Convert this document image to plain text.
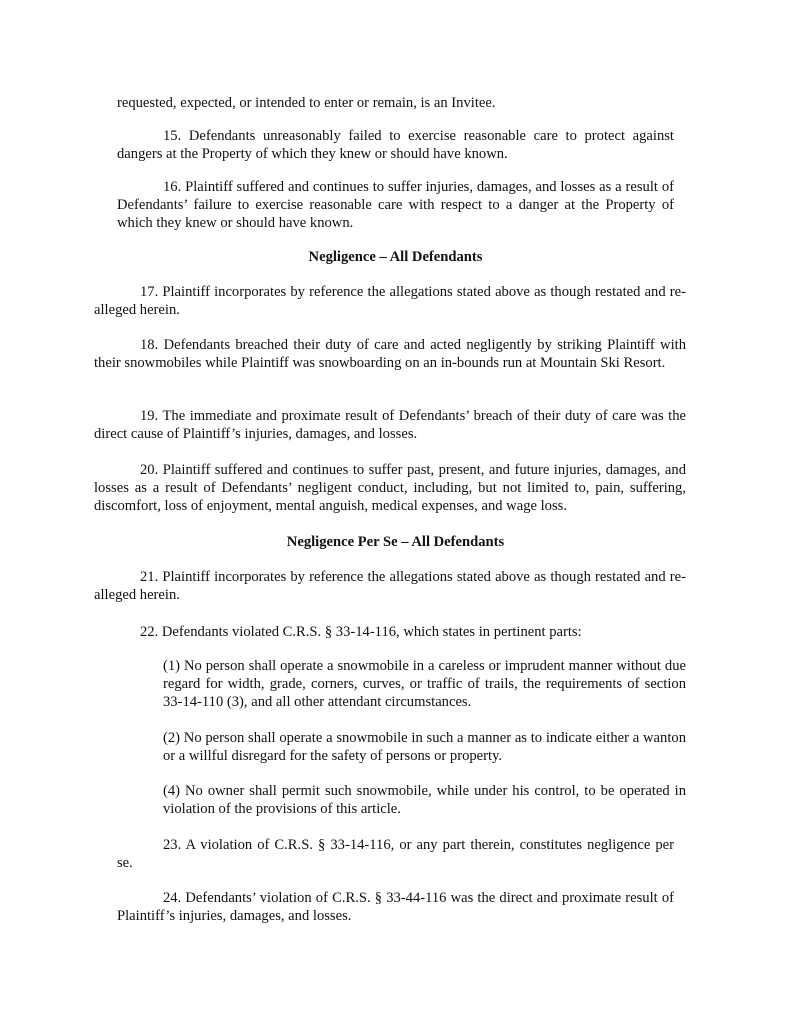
requested, expected, or intended to enter or remain, is an Invitee.

15. Defendants unreasonably failed to exercise reasonable care to protect against dangers at the Property of which they knew or should have known.

16. Plaintiff suffered and continues to suffer injuries, damages, and losses as a result of Defendants’ failure to exercise reasonable care with respect to a danger at the Property of which they knew or should have known.

Negligence – All Defendants

17. Plaintiff incorporates by reference the allegations stated above as though restated and re-alleged herein.

18. Defendants breached their duty of care and acted negligently by striking Plaintiff with their snowmobiles while Plaintiff was snowboarding on an in-bounds run at Mountain Ski Resort.

19. The immediate and proximate result of Defendants’ breach of their duty of care was the direct cause of Plaintiff’s injuries, damages, and losses.

20. Plaintiff suffered and continues to suffer past, present, and future injuries, damages, and losses as a result of Defendants’ negligent conduct, including, but not limited to, pain, suffering, discomfort, loss of enjoyment, mental anguish, medical expenses, and wage loss.

Negligence Per Se – All Defendants

21. Plaintiff incorporates by reference the allegations stated above as though restated and re-alleged herein.

22. Defendants violated C.R.S. § 33-14-116, which states in pertinent parts:

(1) No person shall operate a snowmobile in a careless or imprudent manner without due regard for width, grade, corners, curves, or traffic of trails, the requirements of section 33-14-110 (3), and all other attendant circumstances.

(2) No person shall operate a snowmobile in such a manner as to indicate either a wanton or a willful disregard for the safety of persons or property.

(4) No owner shall permit such snowmobile, while under his control, to be operated in violation of the provisions of this article.

23. A violation of C.R.S. § 33-14-116, or any part therein, constitutes negligence per se.

24. Defendants’ violation of C.R.S. § 33-44-116 was the direct and proximate result of Plaintiff’s injuries, damages, and losses.
